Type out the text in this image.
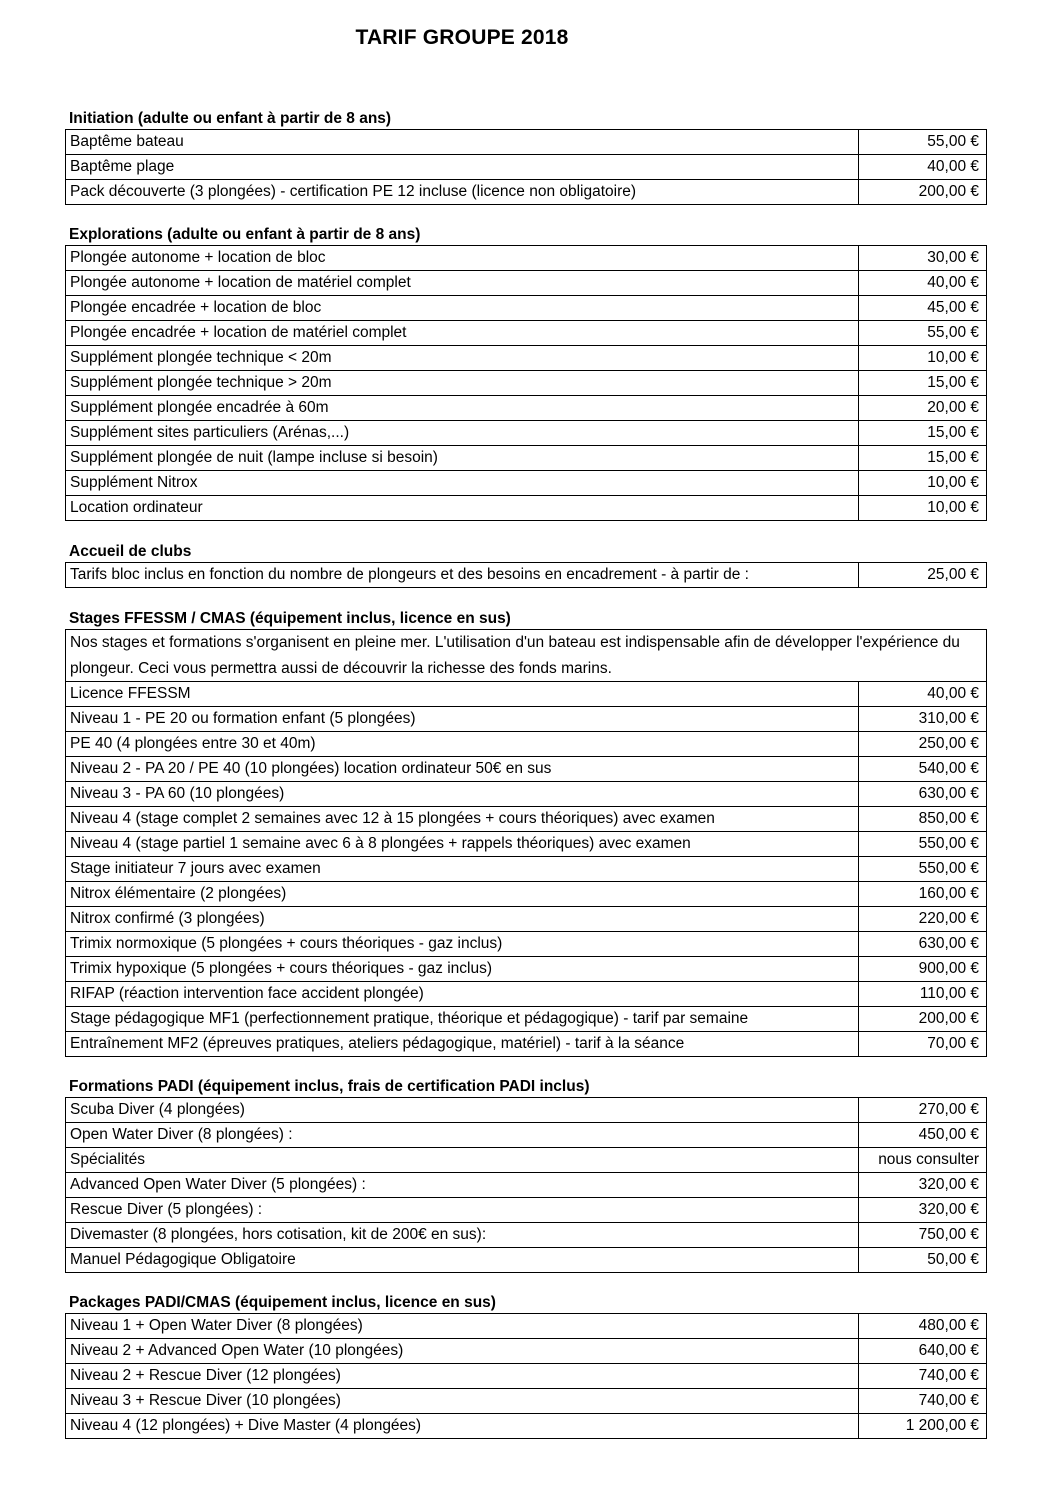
TARIF GROUPE 2018
Initiation (adulte ou enfant à partir de 8 ans)
Baptême bateau	55,00 €
Baptême plage	40,00 €
Pack découverte (3 plongées) - certification PE 12 incluse (licence non obligatoire)	200,00 €
Explorations (adulte ou enfant à partir de 8 ans)
Plongée autonome + location de bloc	30,00 €
Plongée autonome + location de matériel complet	40,00 €
Plongée encadrée + location de bloc	45,00 €
Plongée encadrée + location de matériel complet	55,00 €
Supplément plongée technique < 20m	10,00 €
Supplément plongée technique > 20m	15,00 €
Supplément plongée encadrée à 60m	20,00 €
Supplément sites particuliers (Arénas,...)	15,00 €
Supplément plongée de nuit (lampe incluse si besoin)	15,00 €
Supplément Nitrox	10,00 €
Location ordinateur	10,00 €
Accueil de clubs
Tarifs bloc inclus en fonction du nombre de plongeurs et des besoins en encadrement - à partir de :	25,00 €
Stages FFESSM / CMAS (équipement inclus, licence en sus)
Nos stages et formations s'organisent en pleine mer. L'utilisation d'un bateau est indispensable afin de développer l'expérience du plongeur. Ceci vous permettra aussi de découvrir la richesse des fonds marins.	
Licence FFESSM	40,00 €
Niveau 1 - PE 20 ou formation enfant (5 plongées)	310,00 €
PE 40 (4 plongées entre 30 et 40m)	250,00 €
Niveau 2 - PA 20 / PE 40 (10 plongées) location ordinateur 50€ en sus	540,00 €
Niveau 3 - PA 60 (10 plongées)	630,00 €
Niveau 4 (stage complet 2 semaines avec 12 à 15 plongées + cours théoriques) avec examen	850,00 €
Niveau 4 (stage partiel 1 semaine avec 6 à 8 plongées + rappels théoriques) avec examen	550,00 €
Stage initiateur 7 jours avec examen	550,00 €
Nitrox élémentaire (2 plongées)	160,00 €
Nitrox confirmé (3 plongées)	220,00 €
Trimix normoxique (5 plongées + cours théoriques - gaz inclus)	630,00 €
Trimix hypoxique (5 plongées + cours théoriques - gaz inclus)	900,00 €
RIFAP (réaction intervention face accident plongée)	110,00 €
Stage pédagogique MF1 (perfectionnement pratique, théorique et pédagogique) - tarif par semaine	200,00 €
Entraînement MF2 (épreuves pratiques, ateliers pédagogique, matériel) - tarif à la séance	70,00 €
Formations PADI (équipement inclus, frais de certification PADI inclus)
Scuba Diver (4 plongées)	270,00 €
Open Water Diver (8 plongées) :	450,00 €
Spécialités	nous consulter
Advanced Open Water Diver (5 plongées) :	320,00 €
Rescue Diver (5 plongées) :	320,00 €
Divemaster (8 plongées, hors cotisation, kit de 200€ en sus):	750,00 €
Manuel Pédagogique Obligatoire	50,00 €
Packages PADI/CMAS (équipement inclus, licence en sus)
Niveau 1 + Open Water Diver (8 plongées)	480,00 €
Niveau 2 + Advanced Open Water (10 plongées)	640,00 €
Niveau 2 + Rescue Diver (12 plongées)	740,00 €
Niveau 3 + Rescue Diver (10 plongées)	740,00 €
Niveau 4 (12 plongées) + Dive Master (4 plongées)	1 200,00 €
